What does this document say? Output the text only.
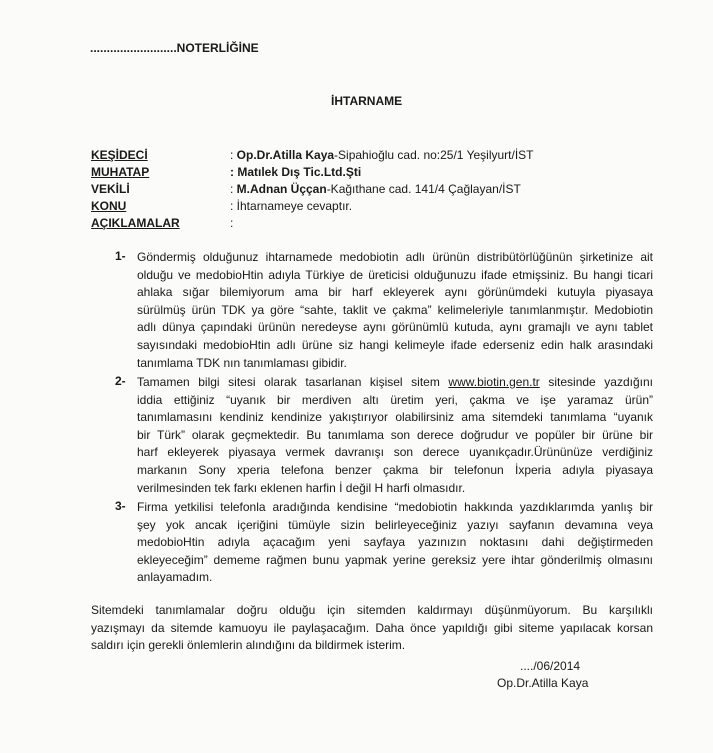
..........................NOTERLİĞİNE
İHTARNAME
KEŞİDECİ	: Op.Dr.Atilla Kaya-Sipahioğlu cad. no:25/1 Yeşilyurt/İST
MUHATAP	: Matılek Dış Tic.Ltd.Şti
VEKİLİ	: M.Adnan Üççan-Kağıthane cad. 141/4 Çağlayan/İST
KONU	: İhtarnameye cevaptır.
AÇIKLAMALAR	:
1- Göndermiş olduğunuz ihtarnamede medobiotin adlı ürünün distribütörlüğünün şirketinize ait
olduğu ve medobioHtin adıyla Türkiye de üreticisi olduğunuzu ifade etmişsiniz. Bu hangi ticari
ahlaka sığar bilemiyorum ama bir harf ekleyerek aynı görünümdeki kutuyla piyasaya
sürülmüş ürün TDK ya göre “sahte, taklit ve çakma” kelimeleriyle tanımlanmıştır. Medobiotin
adlı dünya çapındaki ürünün neredeyse aynı görünümlü kutuda, aynı gramajlı ve aynı tablet
sayısındaki medobioHtin adlı ürüne siz hangi kelimeyle ifade ederseniz edin halk arasındaki
tanımlama TDK nın tanımlaması gibidir.
2- Tamamen bilgi sitesi olarak tasarlanan kişisel sitem www.biotin.gen.tr sitesinde yazdığını
iddia ettiğiniz “uyanık bir merdiven altı üretim yeri, çakma ve işe yaramaz ürün”
tanımlamasını kendiniz kendinize yakıştırıyor olabilirsiniz ama sitemdeki tanımlama “uyanık
bir Türk” olarak geçmektedir. Bu tanımlama son derece doğrudur ve popüler bir ürüne bir
harf ekleyerek piyasaya vermek davranışı son derece uyanıkçadır.Ürününüze verdiğiniz
markanın Sony xperia telefona benzer çakma bir telefonun İxperia adıyla piyasaya
verilmesinden tek farkı eklenen harfin İ değil H harfi olmasıdır.
3- Firma yetkilisi telefonla aradığında kendisine “medobiotin hakkında yazdıklarımda yanlış bir
şey yok ancak içeriğini tümüyle sizin belirleyeceğiniz yazıyı sayfanın devamına veya
medobioHtin adıyla açacağım yeni sayfaya yazınızın noktasını dahi değiştirmeden
ekleyeceğim” dememe rağmen bunu yapmak yerine gereksiz yere ihtar gönderilmiş olmasını
anlayamadım.
Sitemdeki tanımlamalar doğru olduğu için sitemden kaldırmayı düşünmüyorum. Bu karşılıklı
yazışmayı da sitemde kamuoyu ile paylaşacağım. Daha önce yapıldığı gibi siteme yapılacak korsan
saldırı için gerekli önlemlerin alındığını da bildirmek isterim.
..../06/2014
Op.Dr.Atilla Kaya
